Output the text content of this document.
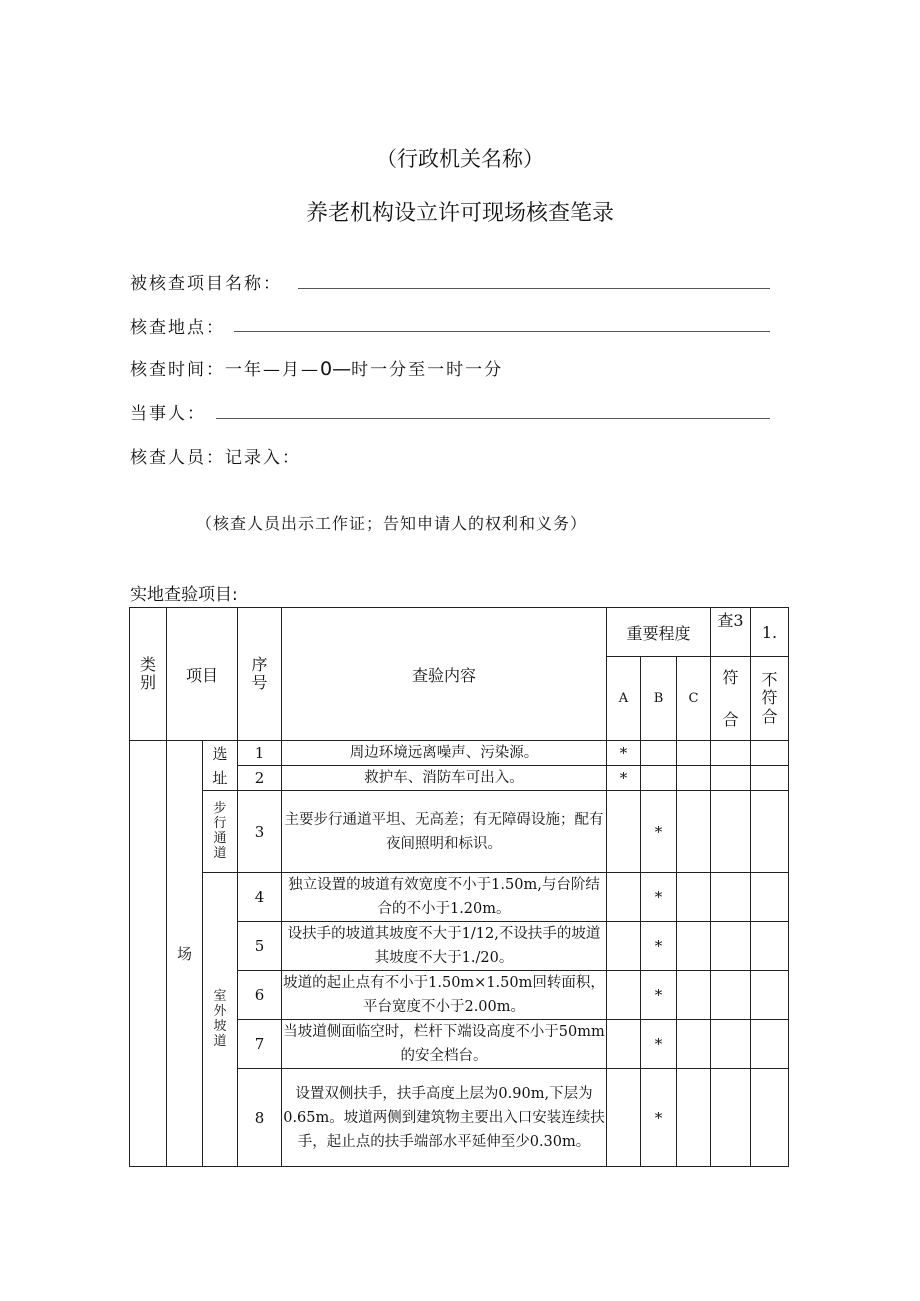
（行政机关名称）
养老机构设立许可现场核查笔录
被核查项目名称：
核查地点：
核查时间：一年—月—0—时一分至一时一分
当事人：
核查人员：记录入：
（核查人员出示工作证；告知申请人的权利和义务）
实地查验项目:
类别	项目		序号	查验内容	重要程度			查3	1.
					A	B	C	符合	不符合
	场	选址	1	周边环境远离噪声、污染源。	*				
			2	救护车、消防车可出入。	*				
		步行通道	3	主要步行通道平坦、无高差；有无障碍设施；配有夜间照明和标识。		*			
		室外坡道	4	独立设置的坡道有效宽度不小于1.50m,与台阶结合的不小于1.20m。		*			
			5	设扶手的坡道其坡度不大于1/12,不设扶手的坡道其坡度不大于1./20。		*			
			6	坡道的起止点有不小于1.50m×1.50m回转面积，平台宽度不小于2.00m。		*			
			7	当坡道侧面临空时，栏杆下端设高度不小于50mm的安全档台。		*			
			8	设置双侧扶手，扶手高度上层为0.90m,下层为0.65m。坡道两侧到建筑物主要出入口安装连续扶手，起止点的扶手端部水平延伸至少0.30m。		*			
